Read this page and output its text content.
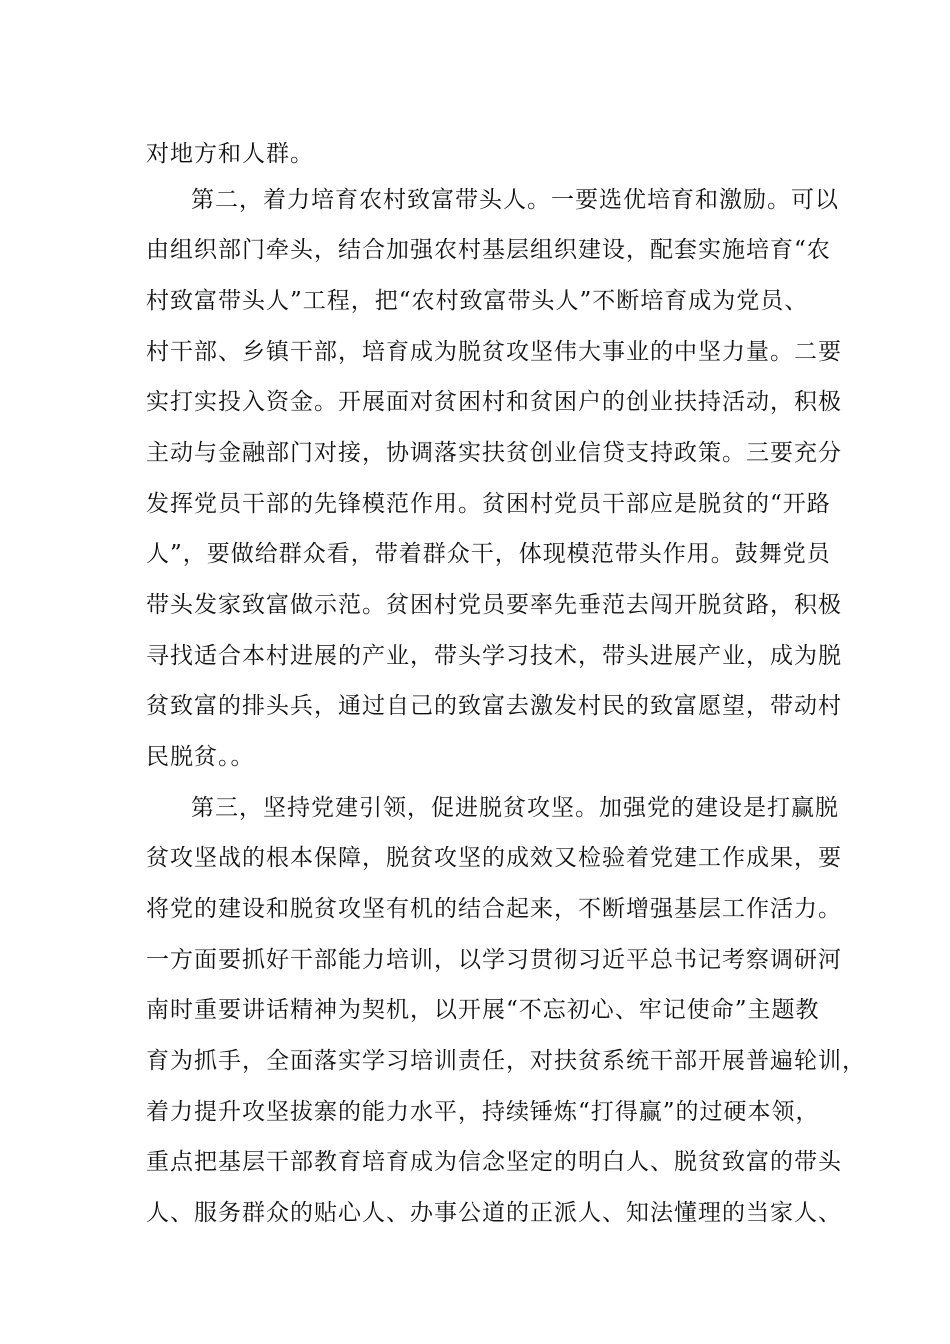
对地方和人群。
第二，着力培育农村致富带头人。一要选优培育和激励。可以
由组织部门牵头，结合加强农村基层组织建设，配套实施培育“农
村致富带头人”工程，把“农村致富带头人”不断培育成为党员、
村干部、乡镇干部，培育成为脱贫攻坚伟大事业的中坚力量。二要
实打实投入资金。开展面对贫困村和贫困户的创业扶持活动，积极
主动与金融部门对接，协调落实扶贫创业信贷支持政策。三要充分
发挥党员干部的先锋模范作用。贫困村党员干部应是脱贫的“开路
人”，要做给群众看，带着群众干，体现模范带头作用。鼓舞党员
带头发家致富做示范。贫困村党员要率先垂范去闯开脱贫路，积极
寻找适合本村进展的产业，带头学习技术，带头进展产业，成为脱
贫致富的排头兵，通过自己的致富去激发村民的致富愿望，带动村
民脱贫。。
第三，坚持党建引领，促进脱贫攻坚。加强党的建设是打赢脱
贫攻坚战的根本保障，脱贫攻坚的成效又检验着党建工作成果，要
将党的建设和脱贫攻坚有机的结合起来，不断增强基层工作活力。
一方面要抓好干部能力培训，以学习贯彻习近平总书记考察调研河
南时重要讲话精神为契机，以开展“不忘初心、牢记使命”主题教
育为抓手，全面落实学习培训责任，对扶贫系统干部开展普遍轮训，
着力提升攻坚拔寨的能力水平，持续锤炼“打得赢”的过硬本领，
重点把基层干部教育培育成为信念坚定的明白人、脱贫致富的带头
人、服务群众的贴心人、办事公道的正派人、知法懂理的当家人、
